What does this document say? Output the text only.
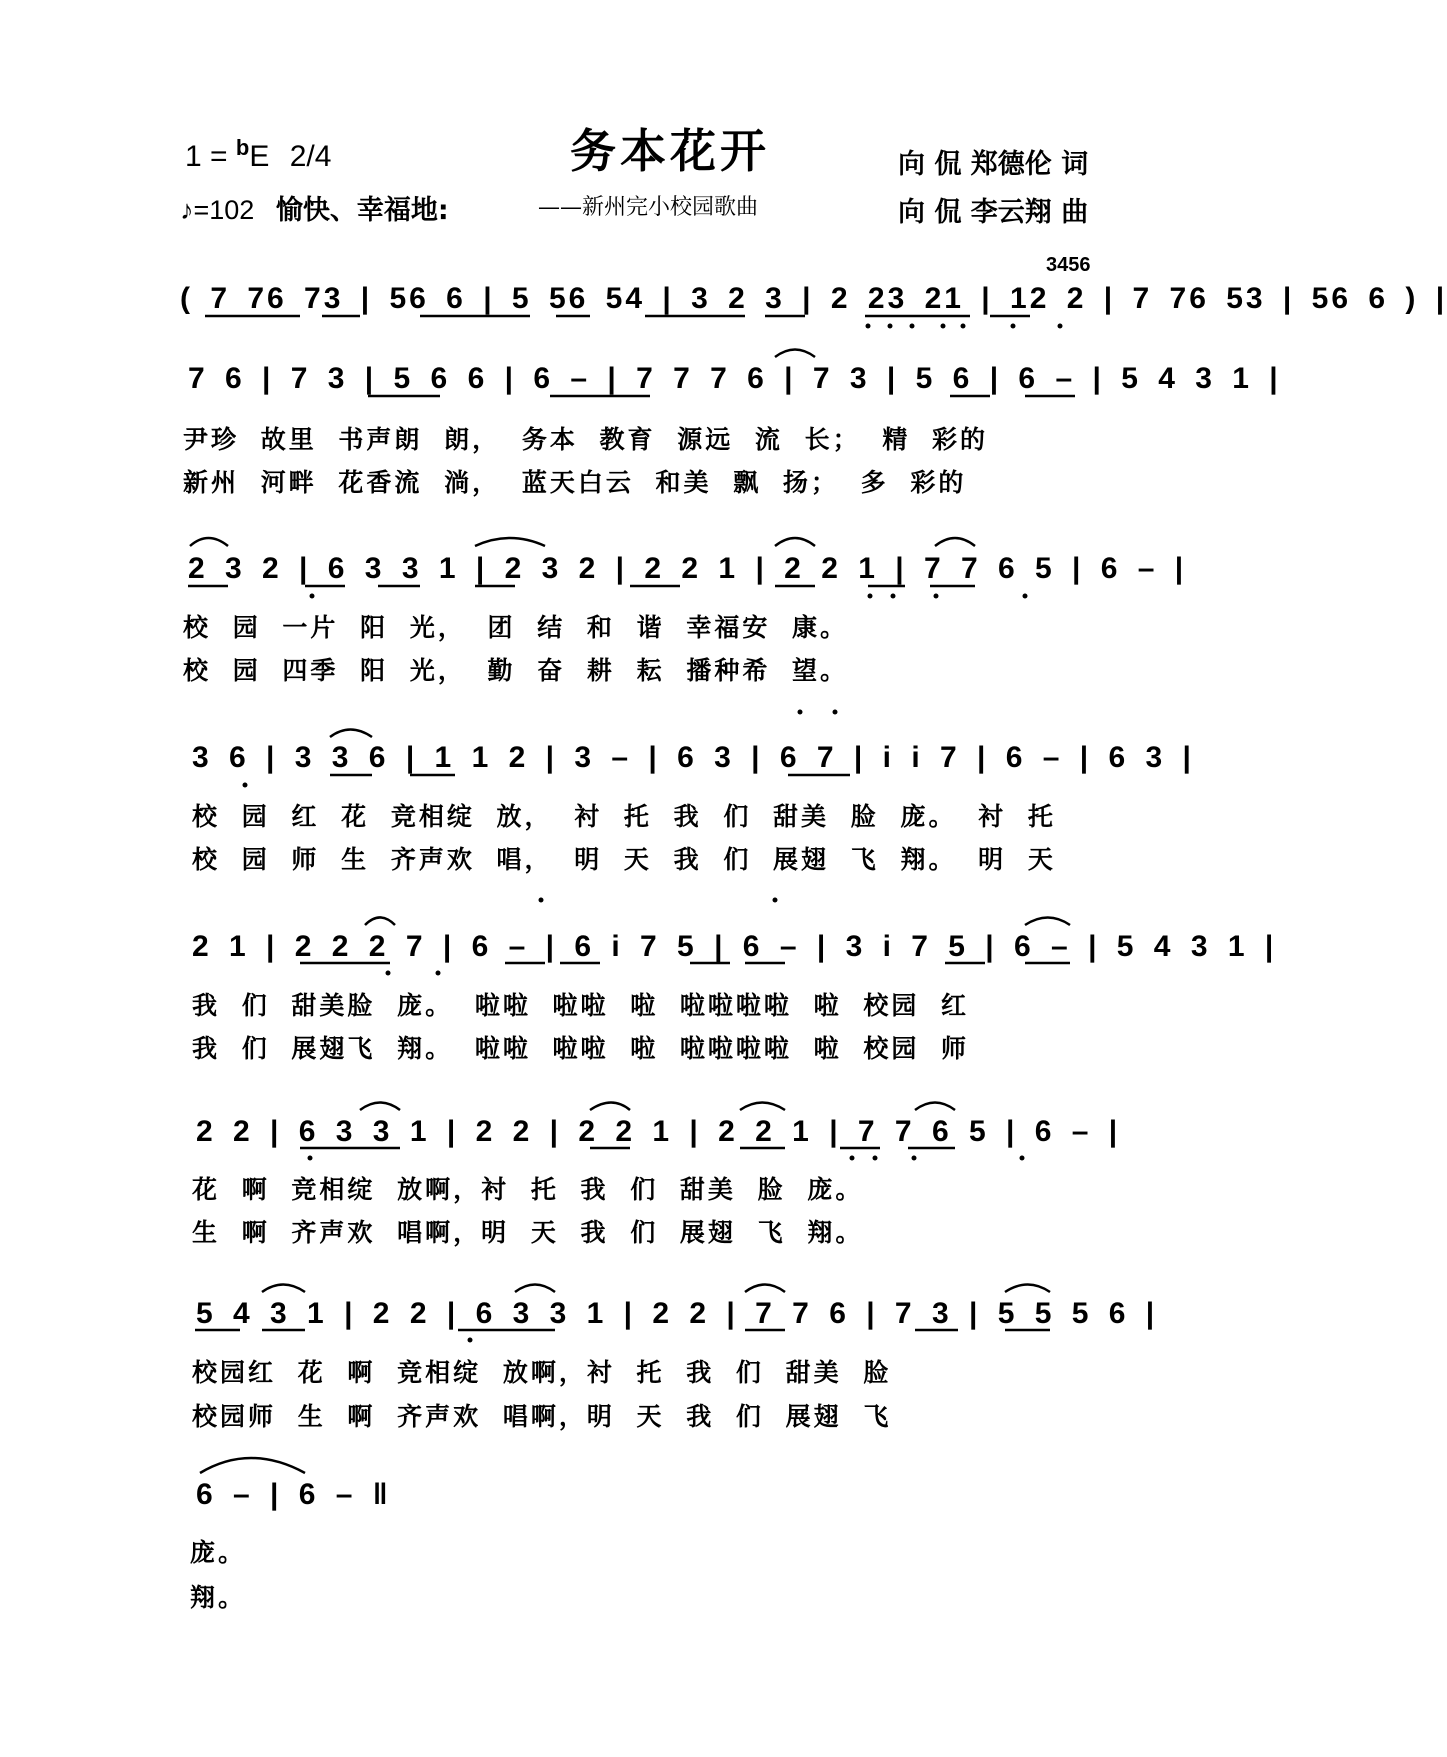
1 = $^b$E 2/4
♪=102 愉快、幸福地:
务本花开
——新州完小校园歌曲
向 侃 郑德伦 词
向 侃 李云翔 曲
3456
( 7 76 73 | 56 6 | 5 56 54 | 3 2 3 | 2 23 21 | 12 2 | 7 76 53 | 56 6 ) |
7 6 | 7 3 | 5 6 6 | 6 – | 7 7 7 6 | 7 3 | 5 6 | 6 – | 5 4 3 1 |
尹珍 故里 书声朗 朗， 务本 教育 源远 流 长； 精 彩的
新州 河畔 花香流 淌， 蓝天白云 和美 飘 扬； 多 彩的
2 3 2 | 6 3 3 1 | 2 3 2 | 2 2 1 | 2 2 1 | 7 7 6 5 | 6 – |
校 园 一片 阳 光， 团 结 和 谐 幸福安 康。
校 园 四季 阳 光， 勤 奋 耕 耘 播种希 望。
3 6 | 3 3 6 | 1 1 2 | 3 – | 6 3 | 6 7 | i i 7 | 6 – | 6 3 |
校 园 红 花 竞相绽 放， 衬 托 我 们 甜美 脸 庞。 衬 托
校 园 师 生 齐声欢 唱， 明 天 我 们 展翅 飞 翔。 明 天
2 1 | 2 2 2 7 | 6 – | 6 i 7 5 | 6 – | 3 i 7 5 | 6 – | 5 4 3 1 |
我 们 甜美脸 庞。 啦啦 啦啦 啦 啦啦啦啦 啦 校园 红
我 们 展翅飞 翔。 啦啦 啦啦 啦 啦啦啦啦 啦 校园 师
2 2 | 6 3 3 1 | 2 2 | 2 2 1 | 2 2 1 | 7 7 6 5 | 6 – |
花 啊 竞相绽 放啊，衬 托 我 们 甜美 脸 庞。
生 啊 齐声欢 唱啊，明 天 我 们 展翅 飞 翔。
5 4 3 1 | 2 2 | 6 3 3 1 | 2 2 | 7 7 6 | 7 3 | 5 5 5 6 |
校园红 花 啊 竞相绽 放啊，衬 托 我 们 甜美 脸
校园师 生 啊 齐声欢 唱啊，明 天 我 们 展翅 飞
6 – | 6 – ‖
庞。
翔。
